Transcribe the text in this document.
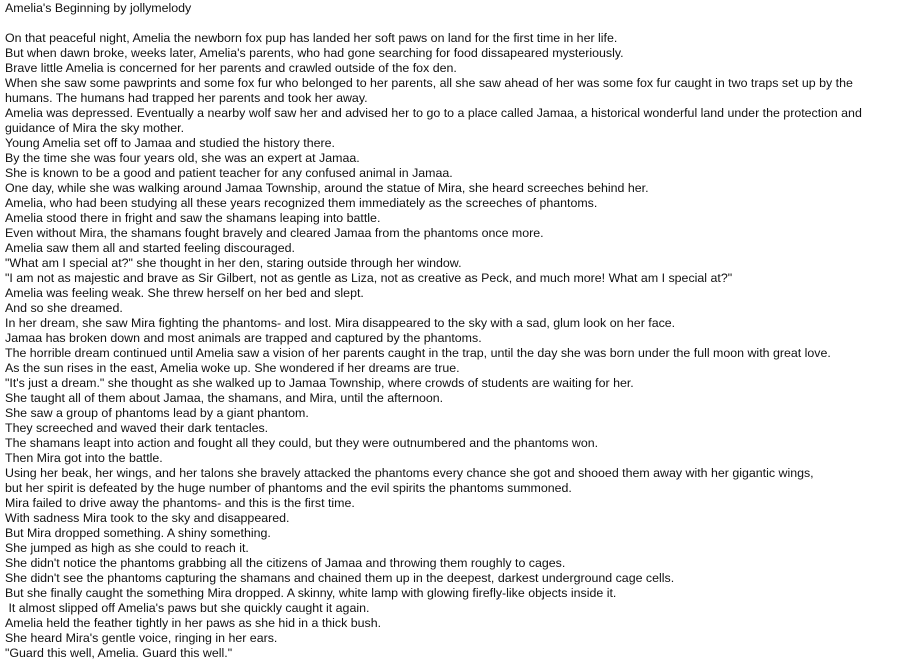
Amelia's Beginning by jollymelody
On that peaceful night, Amelia the newborn fox pup has landed her soft paws on land for the first time in her life.
But when dawn broke, weeks later, Amelia's parents, who had gone searching for food dissapeared mysteriously.
Brave little Amelia is concerned for her parents and crawled outside of the fox den.
When she saw some pawprints and some fox fur who belonged to her parents, all she saw ahead of her was some fox fur caught in two traps set up by the
humans. The humans had trapped her parents and took her away.
Amelia was depressed. Eventually a nearby wolf saw her and advised her to go to a place called Jamaa, a historical wonderful land under the protection and
guidance of Mira the sky mother.
Young Amelia set off to Jamaa and studied the history there.
By the time she was four years old, she was an expert at Jamaa.
She is known to be a good and patient teacher for any confused animal in Jamaa.
One day, while she was walking around Jamaa Township, around the statue of Mira, she heard screeches behind her.
Amelia, who had been studying all these years recognized them immediately as the screeches of phantoms.
Amelia stood there in fright and saw the shamans leaping into battle.
Even without Mira, the shamans fought bravely and cleared Jamaa from the phantoms once more.
Amelia saw them all and started feeling discouraged.
"What am I special at?" she thought in her den, staring outside through her window.
"I am not as majestic and brave as Sir Gilbert, not as gentle as Liza, not as creative as Peck, and much more! What am I special at?"
Amelia was feeling weak. She threw herself on her bed and slept.
And so she dreamed.
In her dream, she saw Mira fighting the phantoms- and lost. Mira disappeared to the sky with a sad, glum look on her face.
Jamaa has broken down and most animals are trapped and captured by the phantoms.
The horrible dream continued until Amelia saw a vision of her parents caught in the trap, until the day she was born under the full moon with great love.
As the sun rises in the east, Amelia woke up. She wondered if her dreams are true.
"It's just a dream." she thought as she walked up to Jamaa Township, where crowds of students are waiting for her.
She taught all of them about Jamaa, the shamans, and Mira, until the afternoon.
She saw a group of phantoms lead by a giant phantom.
They screeched and waved their dark tentacles.
The shamans leapt into action and fought all they could, but they were outnumbered and the phantoms won.
Then Mira got into the battle.
Using her beak, her wings, and her talons she bravely attacked the phantoms every chance she got and shooed them away with her gigantic wings,
but her spirit is defeated by the huge number of phantoms and the evil spirits the phantoms summoned.
Mira failed to drive away the phantoms- and this is the first time.
With sadness Mira took to the sky and disappeared.
But Mira dropped something. A shiny something.
She jumped as high as she could to reach it.
She didn't notice the phantoms grabbing all the citizens of Jamaa and throwing them roughly to cages.
She didn't see the phantoms capturing the shamans and chained them up in the deepest, darkest underground cage cells.
But she finally caught the something Mira dropped. A skinny, white lamp with glowing firefly-like objects inside it.
It almost slipped off Amelia's paws but she quickly caught it again.
Amelia held the feather tightly in her paws as she hid in a thick bush.
She heard Mira's gentle voice, ringing in her ears.
"Guard this well, Amelia. Guard this well."
